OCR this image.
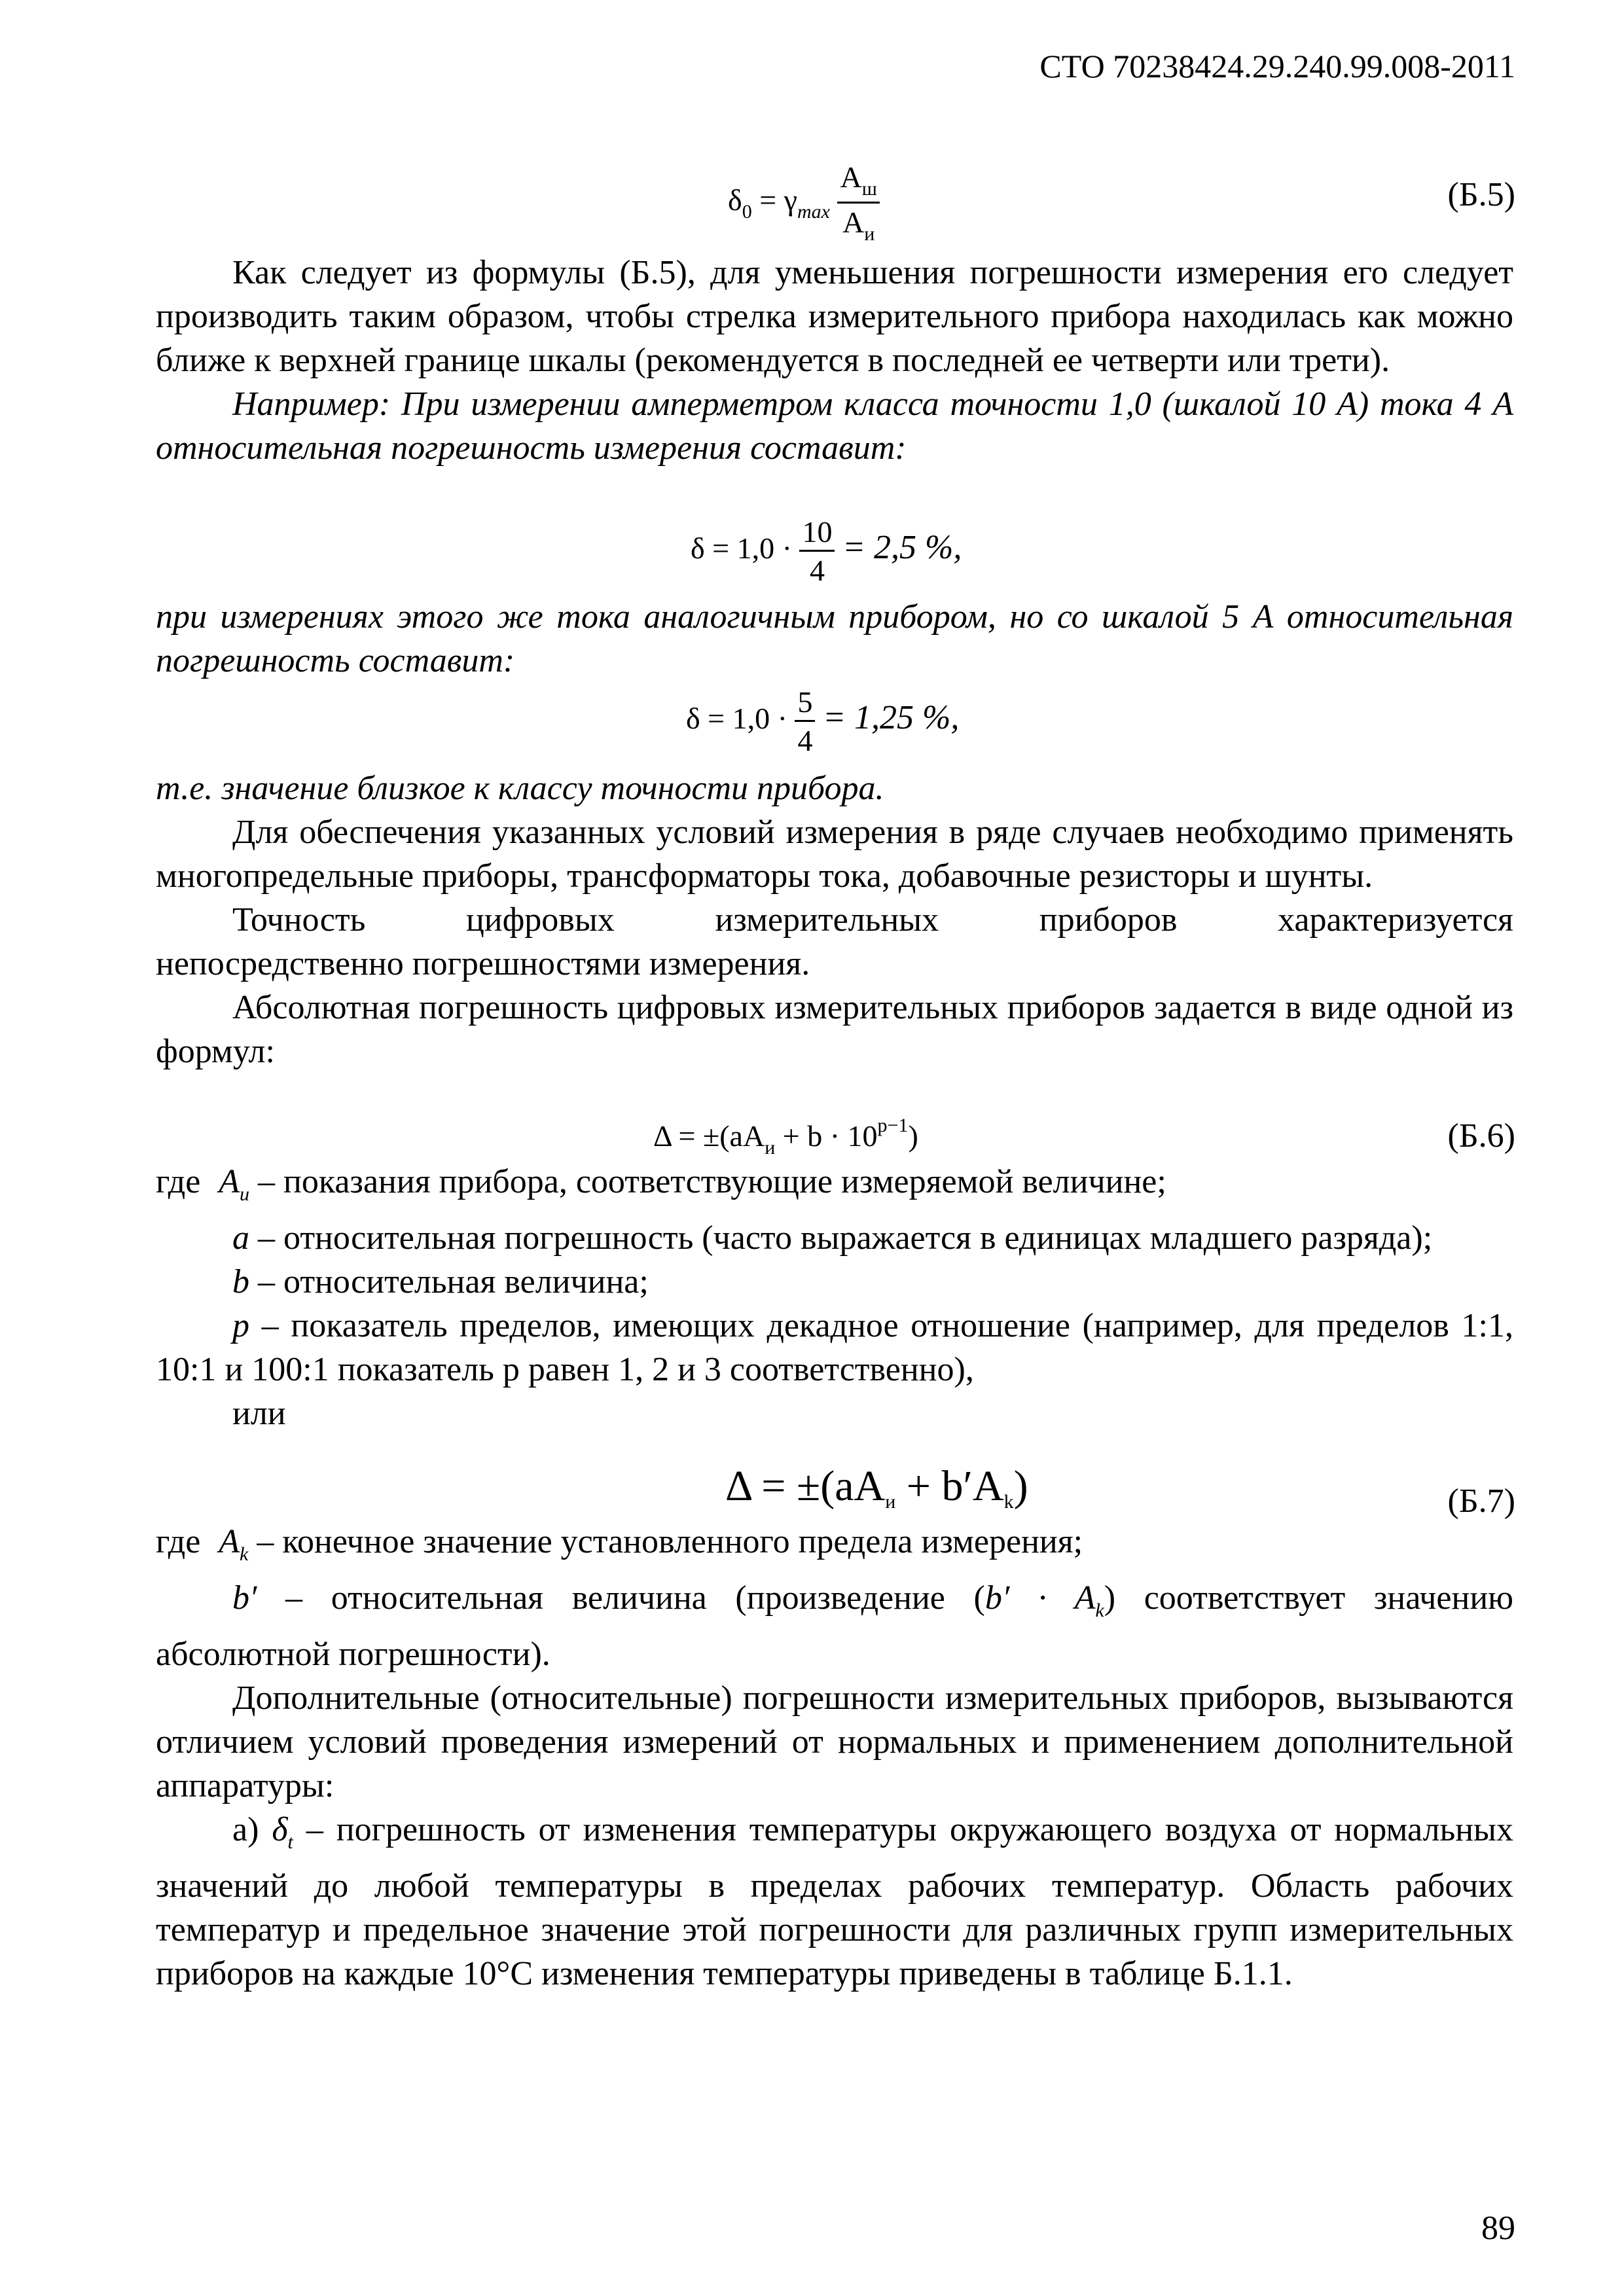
СТО 70238424.29.240.99.008-2011
$\delta_0 = \gamma_{max} \frac{А_ш}{А_и}$	(Б.5)

Как следует из формулы (Б.5), для уменьшения погрешности измерения его следует производить таким образом, чтобы стрелка измерительного прибора находилась как можно ближе к верхней границе шкалы (рекомендуется в последней ее четверти или трети).

Например: При измерении амперметром класса точности 1,0 (шкалой 10 А) тока 4 А относительная погрешность измерения составит:

$\delta = 1,0 \cdot \frac{10}{4} = 2,5$ %,

при измерениях этого же тока аналогичным прибором, но со шкалой 5 А относительная погрешность составит:

$\delta = 1,0 \cdot \frac{5}{4} = 1,25$ %,

т.е. значение близкое к классу точности прибора.

Для обеспечения указанных условий измерения в ряде случаев необходимо применять многопредельные приборы, трансформаторы тока, добавочные резисторы и шунты.

Точность	цифровых	измерительных	приборов	характеризуется

непосредственно погрешностями измерения.

Абсолютная погрешность цифровых измерительных приборов задается в виде одной из формул:

$\Delta = \pm(aA_и + b \cdot 10^{p-1})$	(Б.6)

где $A_и$ – показания прибора, соответствующие измеряемой величине;

a – относительная погрешность (часто выражается в единицах младшего разряда);

b – относительная величина;

p – показатель пределов, имеющих декадное отношение (например, для пределов 1:1, 10:1 и 100:1 показатель р равен 1, 2 и 3 соответственно),

или

$\Delta = \pm(aA_и + b'A_k)$	(Б.7)

где $A_k$ – конечное значение установленного предела измерения;

b′ – относительная величина (произведение $(b' \cdot A_k)$ соответствует значению абсолютной погрешности).

Дополнительные (относительные) погрешности измерительных приборов, вызываются отличием условий проведения измерений от нормальных и применением дополнительной аппаратуры:

а) $\delta_t$ – погрешность от изменения температуры окружающего воздуха от нормальных значений до любой температуры в пределах рабочих температур. Область рабочих температур и предельное значение этой погрешности для различных групп измерительных приборов на каждые 10°С изменения температуры приведены в таблице Б.1.1.

89
